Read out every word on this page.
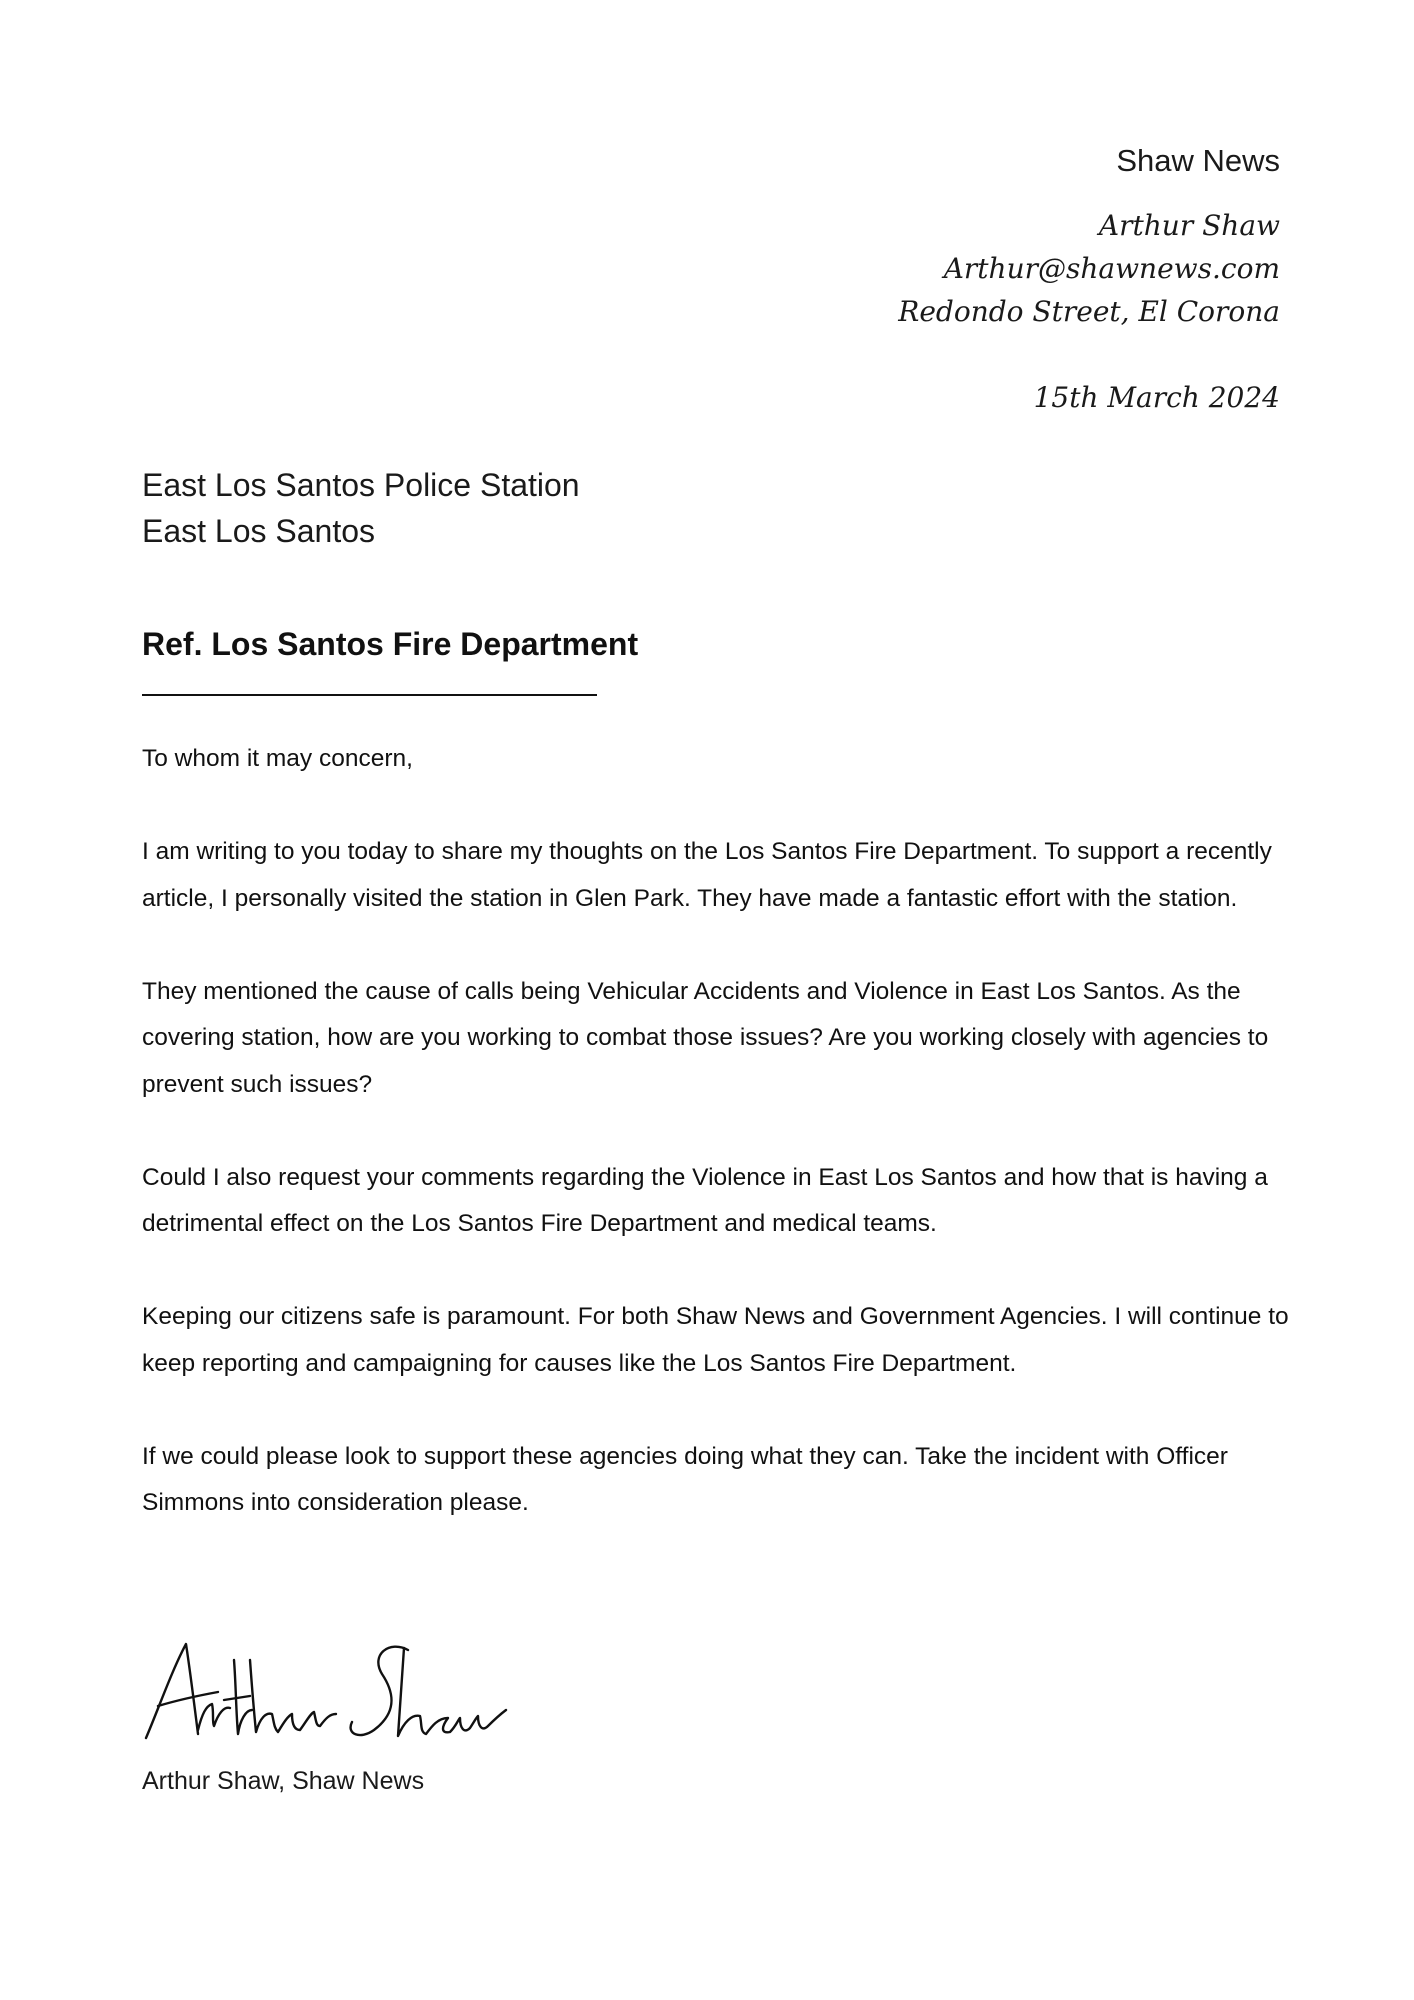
Shaw News
Arthur Shaw
Arthur@shawnews.com
Redondo Street, El Corona
15th March 2024
East Los Santos Police Station
East Los Santos
Ref. Los Santos Fire Department

To whom it may concern,

I am writing to you today to share my thoughts on the Los Santos Fire Department. To support a recently article, I personally visited the station in Glen Park. They have made a fantastic effort with the station.

They mentioned the cause of calls being Vehicular Accidents and Violence in East Los Santos. As the covering station, how are you working to combat those issues? Are you working closely with agencies to prevent such issues?

Could I also request your comments regarding the Violence in East Los Santos and how that is having a detrimental effect on the Los Santos Fire Department and medical teams.

Keeping our citizens safe is paramount. For both Shaw News and Government Agencies. I will continue to keep reporting and campaigning for causes like the Los Santos Fire Department.

If we could please look to support these agencies doing what they can. Take the incident with Officer Simmons into consideration please.

Arthur Shaw, Shaw News
